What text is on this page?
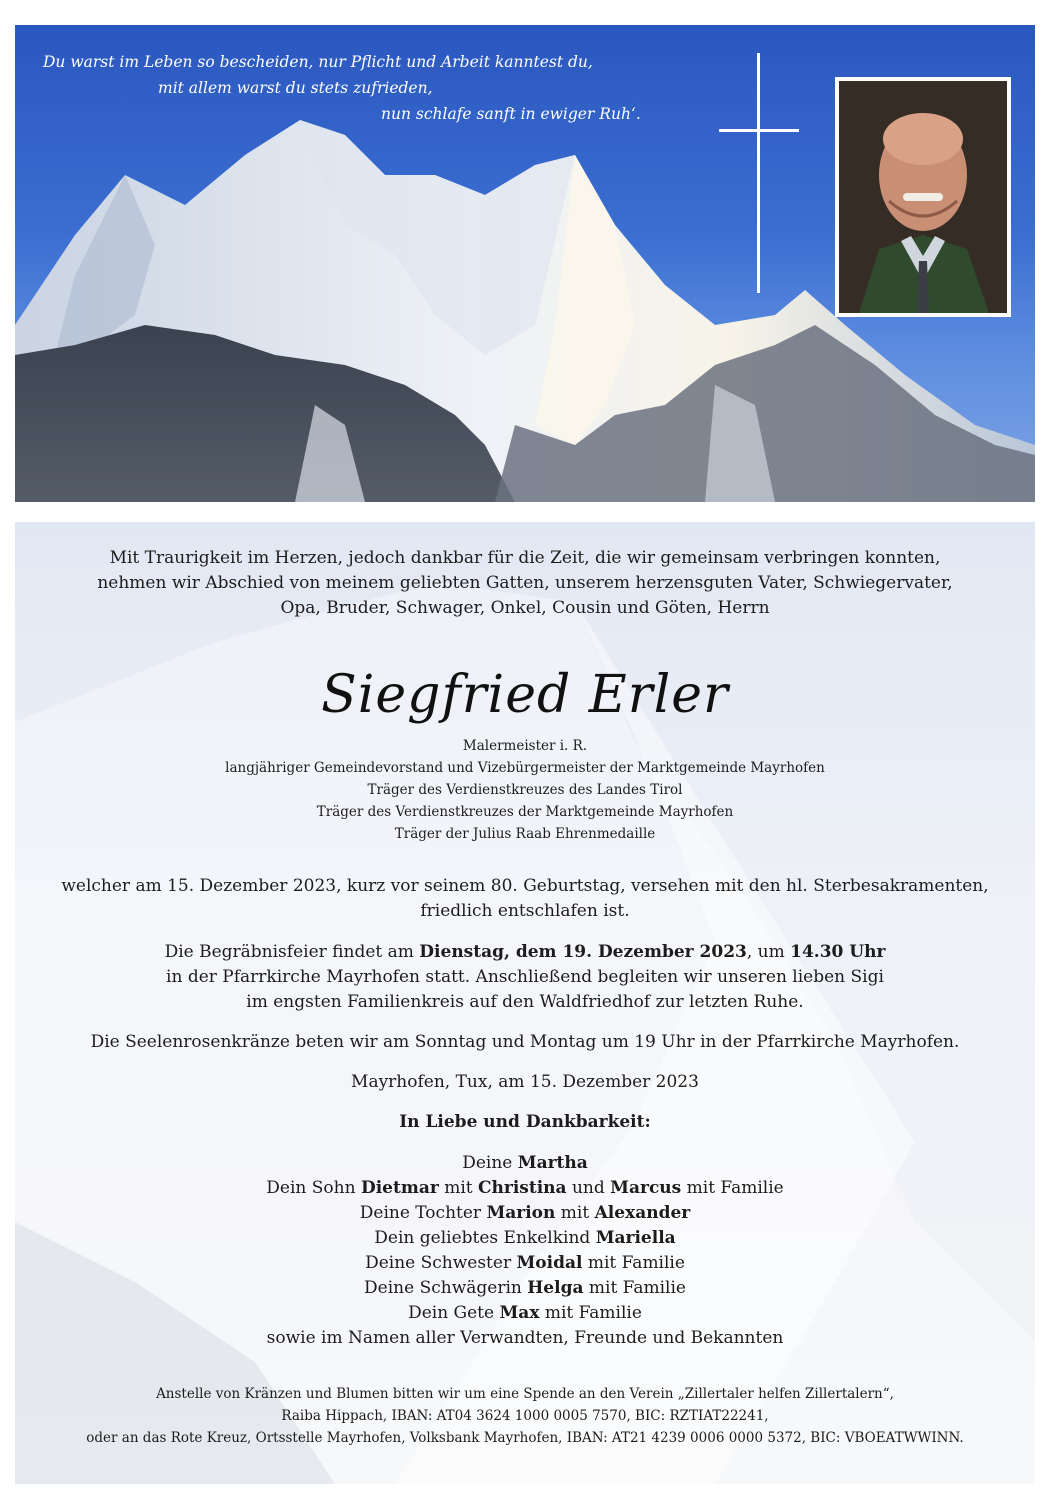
Du warst im Leben so bescheiden, nur Pflicht und Arbeit kanntest du,
mit allem warst du stets zufrieden,
nun schlafe sanft in ewiger Ruh‘.
Mit Traurigkeit im Herzen, jedoch dankbar für die Zeit, die wir gemeinsam verbringen konnten,
nehmen wir Abschied von meinem geliebten Gatten, unserem herzensguten Vater, Schwiegervater,
Opa, Bruder, Schwager, Onkel, Cousin und Göten, Herrn
Siegfried Erler
Malermeister i. R.
langjähriger Gemeindevorstand und Vizebürgermeister der Marktgemeinde Mayrhofen
Träger des Verdienstkreuzes des Landes Tirol
Träger des Verdienstkreuzes der Marktgemeinde Mayrhofen
Träger der Julius Raab Ehrenmedaille
welcher am 15. Dezember 2023, kurz vor seinem 80. Geburtstag, versehen mit den hl. Sterbesakramenten,
friedlich entschlafen ist.
Die Begräbnisfeier findet am Dienstag, dem 19. Dezember 2023, um 14.30 Uhr
in der Pfarrkirche Mayrhofen statt. Anschließend begleiten wir unseren lieben Sigi
im engsten Familienkreis auf den Waldfriedhof zur letzten Ruhe.
Die Seelenrosenkränze beten wir am Sonntag und Montag um 19 Uhr in der Pfarrkirche Mayrhofen.
Mayrhofen, Tux, am 15. Dezember 2023
In Liebe und Dankbarkeit:
Deine Martha
Dein Sohn Dietmar mit Christina und Marcus mit Familie
Deine Tochter Marion mit Alexander
Dein geliebtes Enkelkind Mariella
Deine Schwester Moidal mit Familie
Deine Schwägerin Helga mit Familie
Dein Gete Max mit Familie
sowie im Namen aller Verwandten, Freunde und Bekannten
Anstelle von Kränzen und Blumen bitten wir um eine Spende an den Verein „Zillertaler helfen Zillertalern“,
Raiba Hippach, IBAN: AT04 3624 1000 0005 7570, BIC: RZTIAT22241,
oder an das Rote Kreuz, Ortsstelle Mayrhofen, Volksbank Mayrhofen, IBAN: AT21 4239 0006 0000 5372, BIC: VBOEATWWINN.
